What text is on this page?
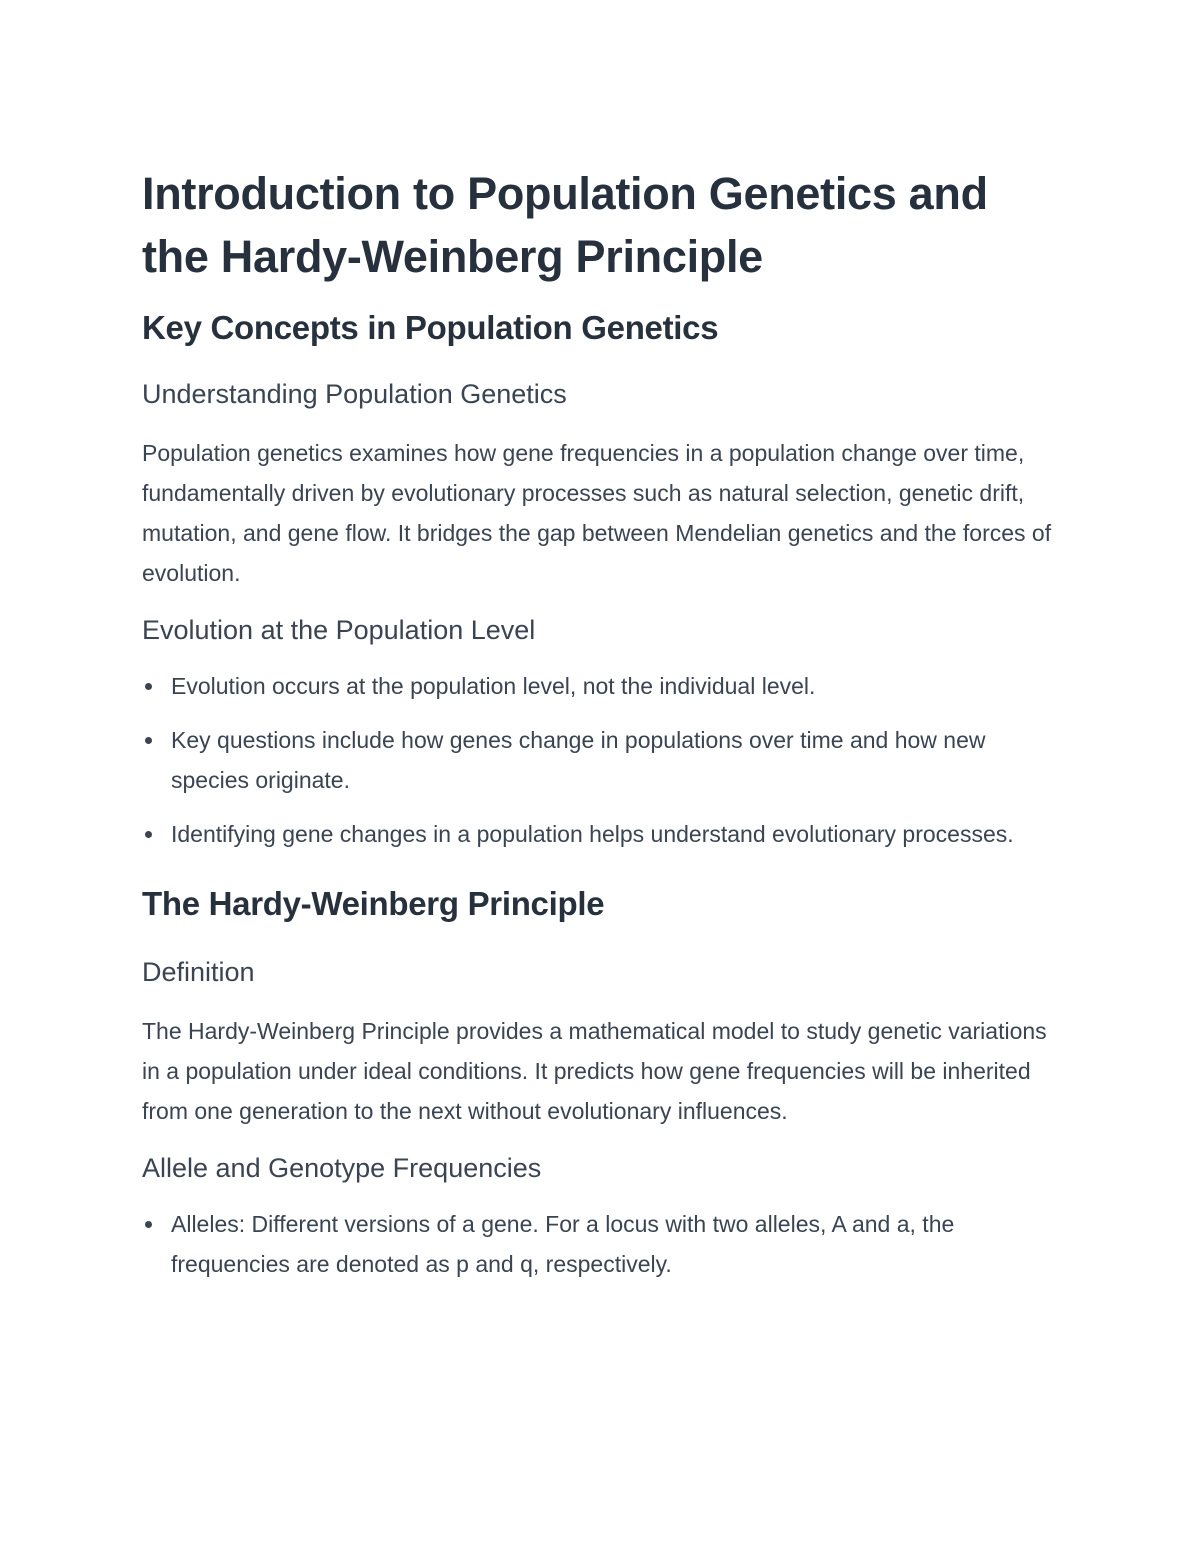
Introduction to Population Genetics and the Hardy-Weinberg Principle
Key Concepts in Population Genetics
Understanding Population Genetics

Population genetics examines how gene frequencies in a population change over time, fundamentally driven by evolutionary processes such as natural selection, genetic drift, mutation, and gene flow. It bridges the gap between Mendelian genetics and the forces of evolution.

Evolution at the Population Level
Evolution occurs at the population level, not the individual level.
Key questions include how genes change in populations over time and how new species originate.
Identifying gene changes in a population helps understand evolutionary processes.
The Hardy-Weinberg Principle
Definition

The Hardy-Weinberg Principle provides a mathematical model to study genetic variations in a population under ideal conditions. It predicts how gene frequencies will be inherited from one generation to the next without evolutionary influences.

Allele and Genotype Frequencies
Alleles: Different versions of a gene. For a locus with two alleles, A and a, the frequencies are denoted as p and q, respectively.
